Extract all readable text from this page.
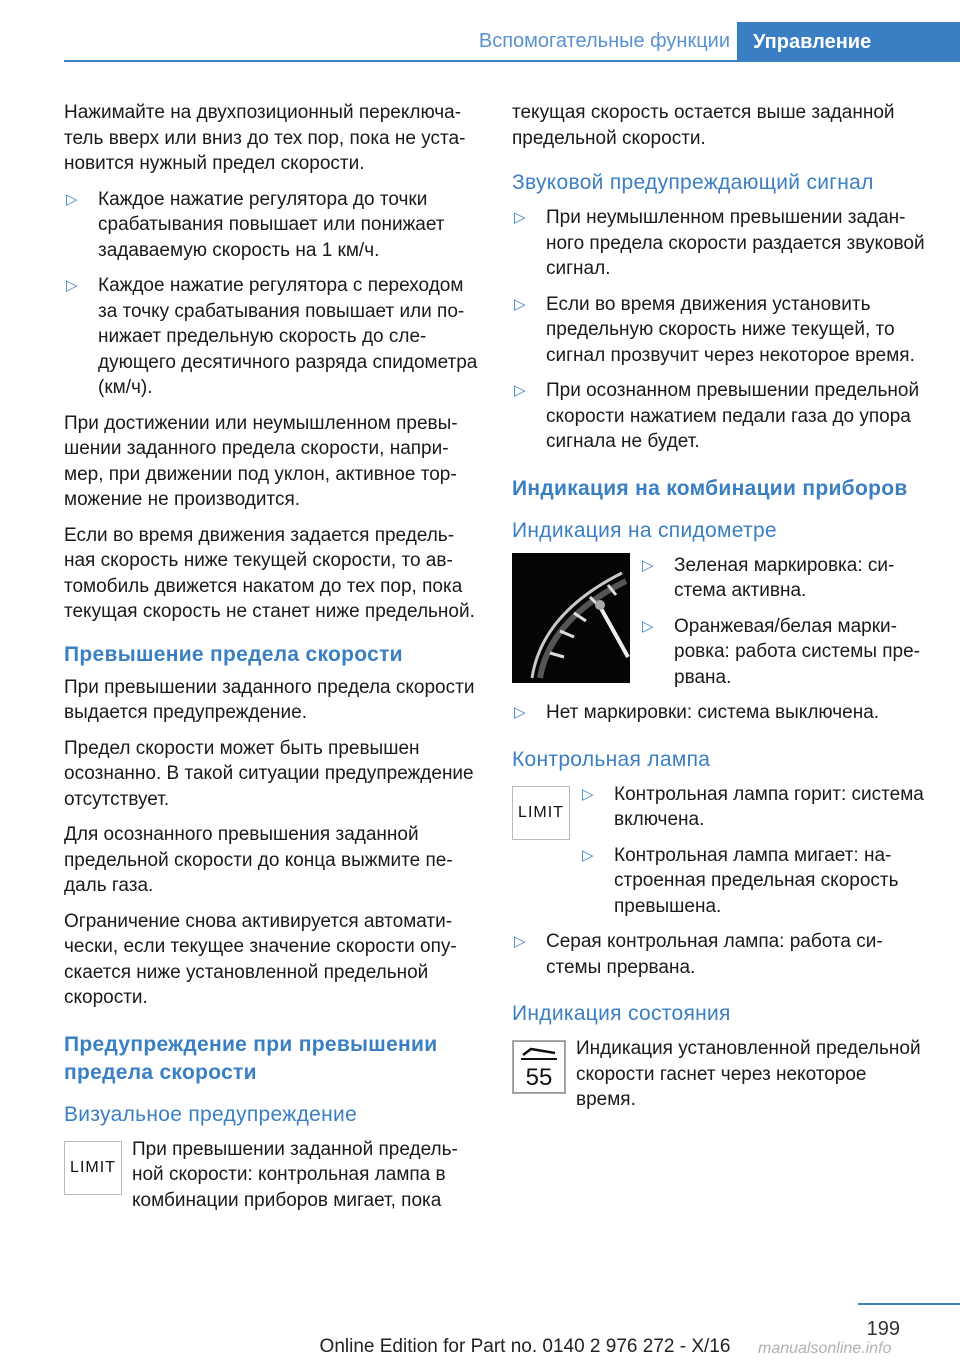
Вспомогательные функции	Управление

Нажимайте на двухпозиционный переключатель вверх или вниз до тех пор, пока не установится нужный предел скорости.

▷ Каждое нажатие регулятора до точки срабатывания повышает или понижает задаваемую скорость на 1 км/ч.
▷ Каждое нажатие регулятора с переходом за точку срабатывания повышает или понижает предельную скорость до следующего десятичного разряда спидометра (км/ч).

При достижении или неумышленном превышении заданного предела скорости, например, при движении под уклон, активное торможение не производится.

Если во время движения задается предельная скорость ниже текущей скорости, то автомобиль движется накатом до тех пор, пока текущая скорость не станет ниже предельной.

Превышение предела скорости

При превышении заданного предела скорости выдается предупреждение.

Предел скорости может быть превышен осознанно. В такой ситуации предупреждение отсутствует.

Для осознанного превышения заданной предельной скорости до конца выжмите педаль газа.

Ограничение снова активируется автоматически, если текущее значение скорости опускается ниже установленной предельной скорости.

Предупреждение при превышении предела скорости
Визуальное предупреждение
LIMIT
При превышении заданной предельной скорости: контрольная лампа в комбинации приборов мигает, пока

текущая скорость остается выше заданной предельной скорости.

Звуковой предупреждающий сигнал
▷ При неумышленном превышении заданного предела скорости раздается звуковой сигнал.
▷ Если во время движения установить предельную скорость ниже текущей, то сигнал прозвучит через некоторое время.
▷ При осознанном превышении предельной скорости нажатием педали газа до упора сигнала не будет.
Индикация на комбинации приборов
Индикация на спидометре
▷ Зеленая маркировка: система активна.
▷ Оранжевая/белая маркировка: работа системы прервана.
▷ Нет маркировки: система выключена.
Контрольная лампа
LIMIT
▷ Контрольная лампа горит: система включена.
▷ Контрольная лампа мигает: настроенная предельная скорость превышена.
▷ Серая контрольная лампа: работа системы прервана.
Индикация состояния
55
Индикация установленной предельной скорости гаснет через некоторое время.
199
Online Edition for Part no. 0140 2 976 272 - X/16	manualsonline.info
